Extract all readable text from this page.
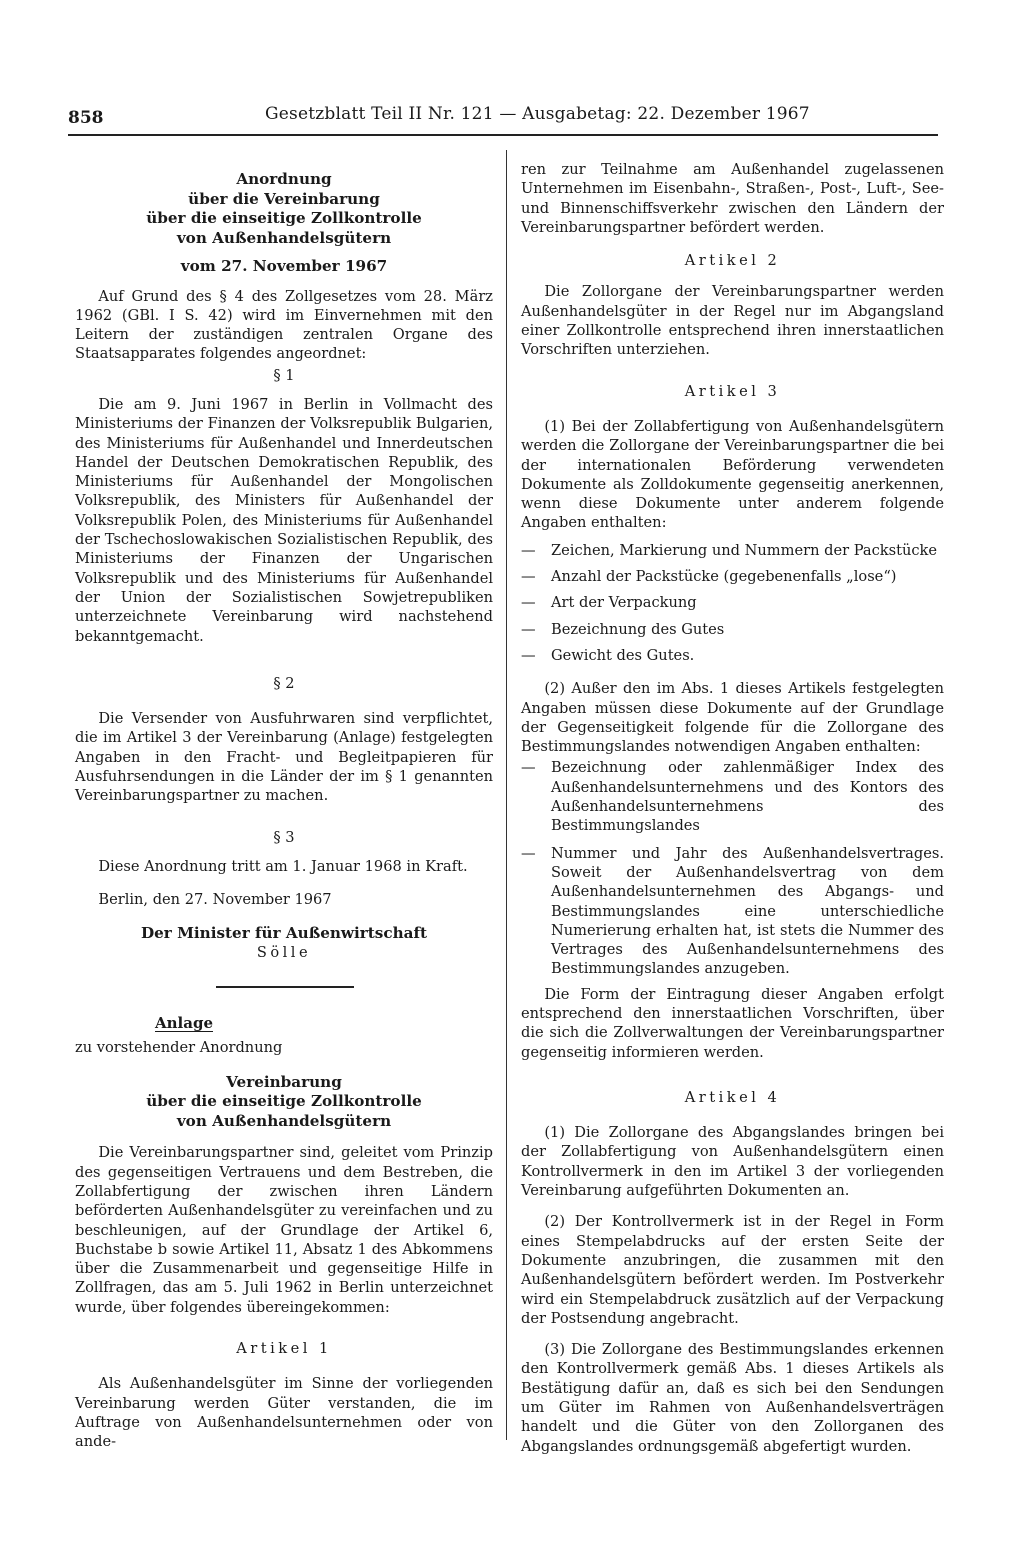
858	Gesetzblatt Teil II Nr. 121 — Ausgabetag: 22. Dezember 1967
Anordnung
über die Vereinbarung
über die einseitige Zollkontrolle
von Außenhandelsgütern
vom 27. November 1967

Auf Grund des § 4 des Zollgesetzes vom 28. März 1962 (GBl. I S. 42) wird im Einvernehmen mit den Leitern der zuständigen zentralen Organe des Staatsapparates folgendes angeordnet:

§ 1

Die am 9. Juni 1967 in Berlin in Vollmacht des Ministeriums der Finanzen der Volksrepublik Bulgarien, des Ministeriums für Außenhandel und Innerdeutschen Handel der Deutschen Demokratischen Republik, des Ministeriums für Außenhandel der Mongolischen Volksrepublik, des Ministers für Außenhandel der Volksrepublik Polen, des Ministeriums für Außenhandel der Tschechoslowakischen Sozialistischen Republik, des Ministeriums der Finanzen der Ungarischen Volksrepublik und des Ministeriums für Außenhandel der Union der Sozialistischen Sowjetrepubliken unterzeichnete Vereinbarung wird nachstehend bekanntgemacht.

§ 2

Die Versender von Ausfuhrwaren sind verpflichtet, die im Artikel 3 der Vereinbarung (Anlage) festgelegten Angaben in den Fracht- und Begleitpapieren für Ausfuhrsendungen in die Länder der im § 1 genannten Vereinbarungspartner zu machen.

§ 3

Diese Anordnung tritt am 1. Januar 1968 in Kraft.

Berlin, den 27. November 1967

Der Minister für Außenwirtschaft

Sölle

Anlage

zu vorstehender Anordnung

Vereinbarung
über die einseitige Zollkontrolle
von Außenhandelsgütern

Die Vereinbarungspartner sind, geleitet vom Prinzip des gegenseitigen Vertrauens und dem Bestreben, die Zollabfertigung der zwischen ihren Ländern beförderten Außenhandelsgüter zu vereinfachen und zu beschleunigen, auf der Grundlage der Artikel 6, Buchstabe b sowie Artikel 11, Absatz 1 des Abkommens über die Zusammenarbeit und gegenseitige Hilfe in Zollfragen, das am 5. Juli 1962 in Berlin unterzeichnet wurde, über folgendes übereingekommen:

Artikel 1

Als Außenhandelsgüter im Sinne der vorliegenden Vereinbarung werden Güter verstanden, die im Auftrage von Außenhandelsunternehmen oder von ande-

ren zur Teilnahme am Außenhandel zugelassenen Unternehmen im Eisenbahn-, Straßen-, Post-, Luft-, See- und Binnenschiffsverkehr zwischen den Ländern der Vereinbarungspartner befördert werden.

Artikel 2

Die Zollorgane der Vereinbarungspartner werden Außenhandelsgüter in der Regel nur im Abgangsland einer Zollkontrolle entsprechend ihren innerstaatlichen Vorschriften unterziehen.

Artikel 3

(1) Bei der Zollabfertigung von Außenhandelsgütern werden die Zollorgane der Vereinbarungspartner die bei der internationalen Beförderung verwendeten Dokumente als Zolldokumente gegenseitig anerkennen, wenn diese Dokumente unter anderem folgende Angaben enthalten:

—	Zeichen, Markierung und Nummern der Packstücke
—	Anzahl der Packstücke (gegebenenfalls „lose“)
—	Art der Verpackung
—	Bezeichnung des Gutes
—	Gewicht des Gutes.

(2) Außer den im Abs. 1 dieses Artikels festgelegten Angaben müssen diese Dokumente auf der Grundlage der Gegenseitigkeit folgende für die Zollorgane des Bestimmungslandes notwendigen Angaben enthalten:

—	Bezeichnung oder zahlenmäßiger Index des Außenhandelsunternehmens und des Kontors des Außenhandelsunternehmens des Bestimmungslandes
—	Nummer und Jahr des Außenhandelsvertrages. Soweit der Außenhandelsvertrag von dem Außenhandelsunternehmen des Abgangs- und Bestimmungslandes eine unterschiedliche Numerierung erhalten hat, ist stets die Nummer des Vertrages des Außenhandelsunternehmens des Bestimmungslandes anzugeben.

Die Form der Eintragung dieser Angaben erfolgt entsprechend den innerstaatlichen Vorschriften, über die sich die Zollverwaltungen der Vereinbarungspartner gegenseitig informieren werden.

Artikel 4

(1) Die Zollorgane des Abgangslandes bringen bei der Zollabfertigung von Außenhandelsgütern einen Kontrollvermerk in den im Artikel 3 der vorliegenden Vereinbarung aufgeführten Dokumenten an.

(2) Der Kontrollvermerk ist in der Regel in Form eines Stempelabdrucks auf der ersten Seite der Dokumente anzubringen, die zusammen mit den Außenhandelsgütern befördert werden. Im Postverkehr wird ein Stempelabdruck zusätzlich auf der Verpackung der Postsendung angebracht.

(3) Die Zollorgane des Bestimmungslandes erkennen den Kontrollvermerk gemäß Abs. 1 dieses Artikels als Bestätigung dafür an, daß es sich bei den Sendungen um Güter im Rahmen von Außenhandelsverträgen handelt und die Güter von den Zollorganen des Abgangslandes ordnungsgemäß abgefertigt wurden.
